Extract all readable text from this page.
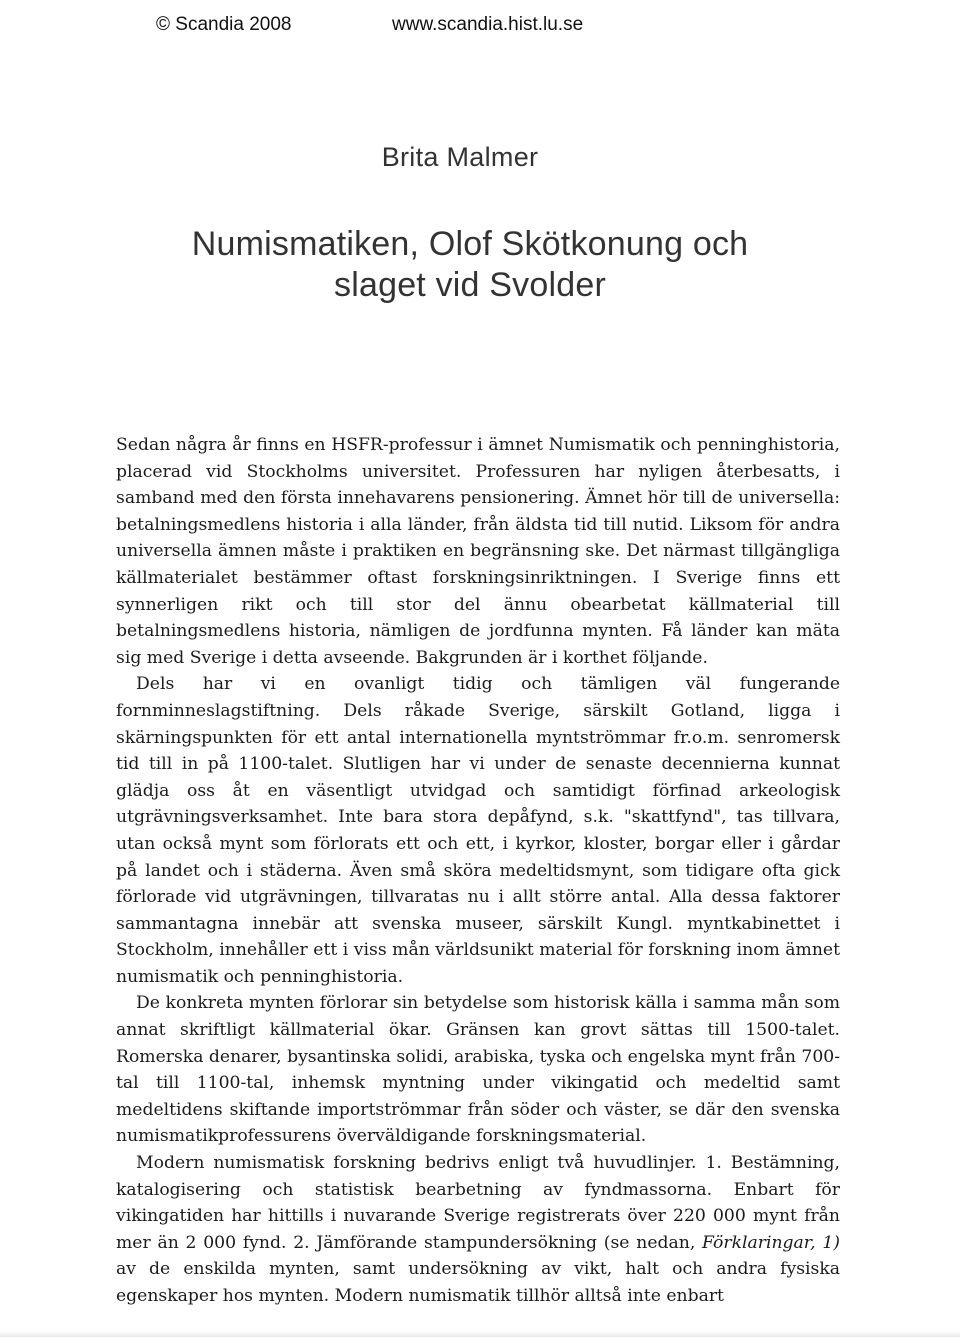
© Scandia 2008	www.scandia.hist.lu.se
Brita Malmer
Numismatiken, Olof Skötkonung och
slaget vid Svolder

Sedan några år finns en HSFR-professur i ämnet Numismatik och penninghistoria, placerad vid Stockholms universitet. Professuren har nyligen återbesatts, i samband med den första innehavarens pensionering. Ämnet hör till de universella: betalningsmedlens historia i alla länder, från äldsta tid till nutid. Liksom för andra universella ämnen måste i praktiken en begränsning ske. Det närmast tillgängliga källmaterialet bestämmer oftast forskningsinriktningen. I Sverige finns ett synnerligen rikt och till stor del ännu obearbetat källmaterial till betalningsmedlens historia, nämligen de jordfunna mynten. Få länder kan mäta sig med Sverige i detta avseende. Bakgrunden är i korthet följande.

Dels har vi en ovanligt tidig och tämligen väl fungerande fornminneslagstiftning. Dels råkade Sverige, särskilt Gotland, ligga i skärningspunkten för ett antal internationella myntströmmar fr.o.m. senromersk tid till in på 1100-talet. Slutligen har vi under de senaste decennierna kunnat glädja oss åt en väsentligt utvidgad och samtidigt förfinad arkeologisk utgrävningsverksamhet. Inte bara stora depåfynd, s.k. "skattfynd", tas tillvara, utan också mynt som förlorats ett och ett, i kyrkor, kloster, borgar eller i gårdar på landet och i städerna. Även små sköra medeltidsmynt, som tidigare ofta gick förlorade vid utgrävningen, tillvaratas nu i allt större antal. Alla dessa faktorer sammantagna innebär att svenska museer, särskilt Kungl. myntkabinettet i Stockholm, innehåller ett i viss mån världsunikt material för forskning inom ämnet numismatik och penninghistoria.

De konkreta mynten förlorar sin betydelse som historisk källa i samma mån som annat skriftligt källmaterial ökar. Gränsen kan grovt sättas till 1500-talet. Romerska denarer, bysantinska solidi, arabiska, tyska och engelska mynt från 700-tal till 1100-tal, inhemsk myntning under vikingatid och medeltid samt medeltidens skiftande importströmmar från söder och väster, se där den svenska numismatikprofessurens överväldigande forskningsmaterial.

Modern numismatisk forskning bedrivs enligt två huvudlinjer. 1. Bestämning, katalogisering och statistisk bearbetning av fyndmassorna. Enbart för vikingatiden har hittills i nuvarande Sverige registrerats över 220 000 mynt från mer än 2 000 fynd. 2. Jämförande stampundersökning (se nedan, Förklaringar, 1) av de enskilda mynten, samt undersökning av vikt, halt och andra fysiska egenskaper hos mynten. Modern numismatik tillhör alltså inte enbart
